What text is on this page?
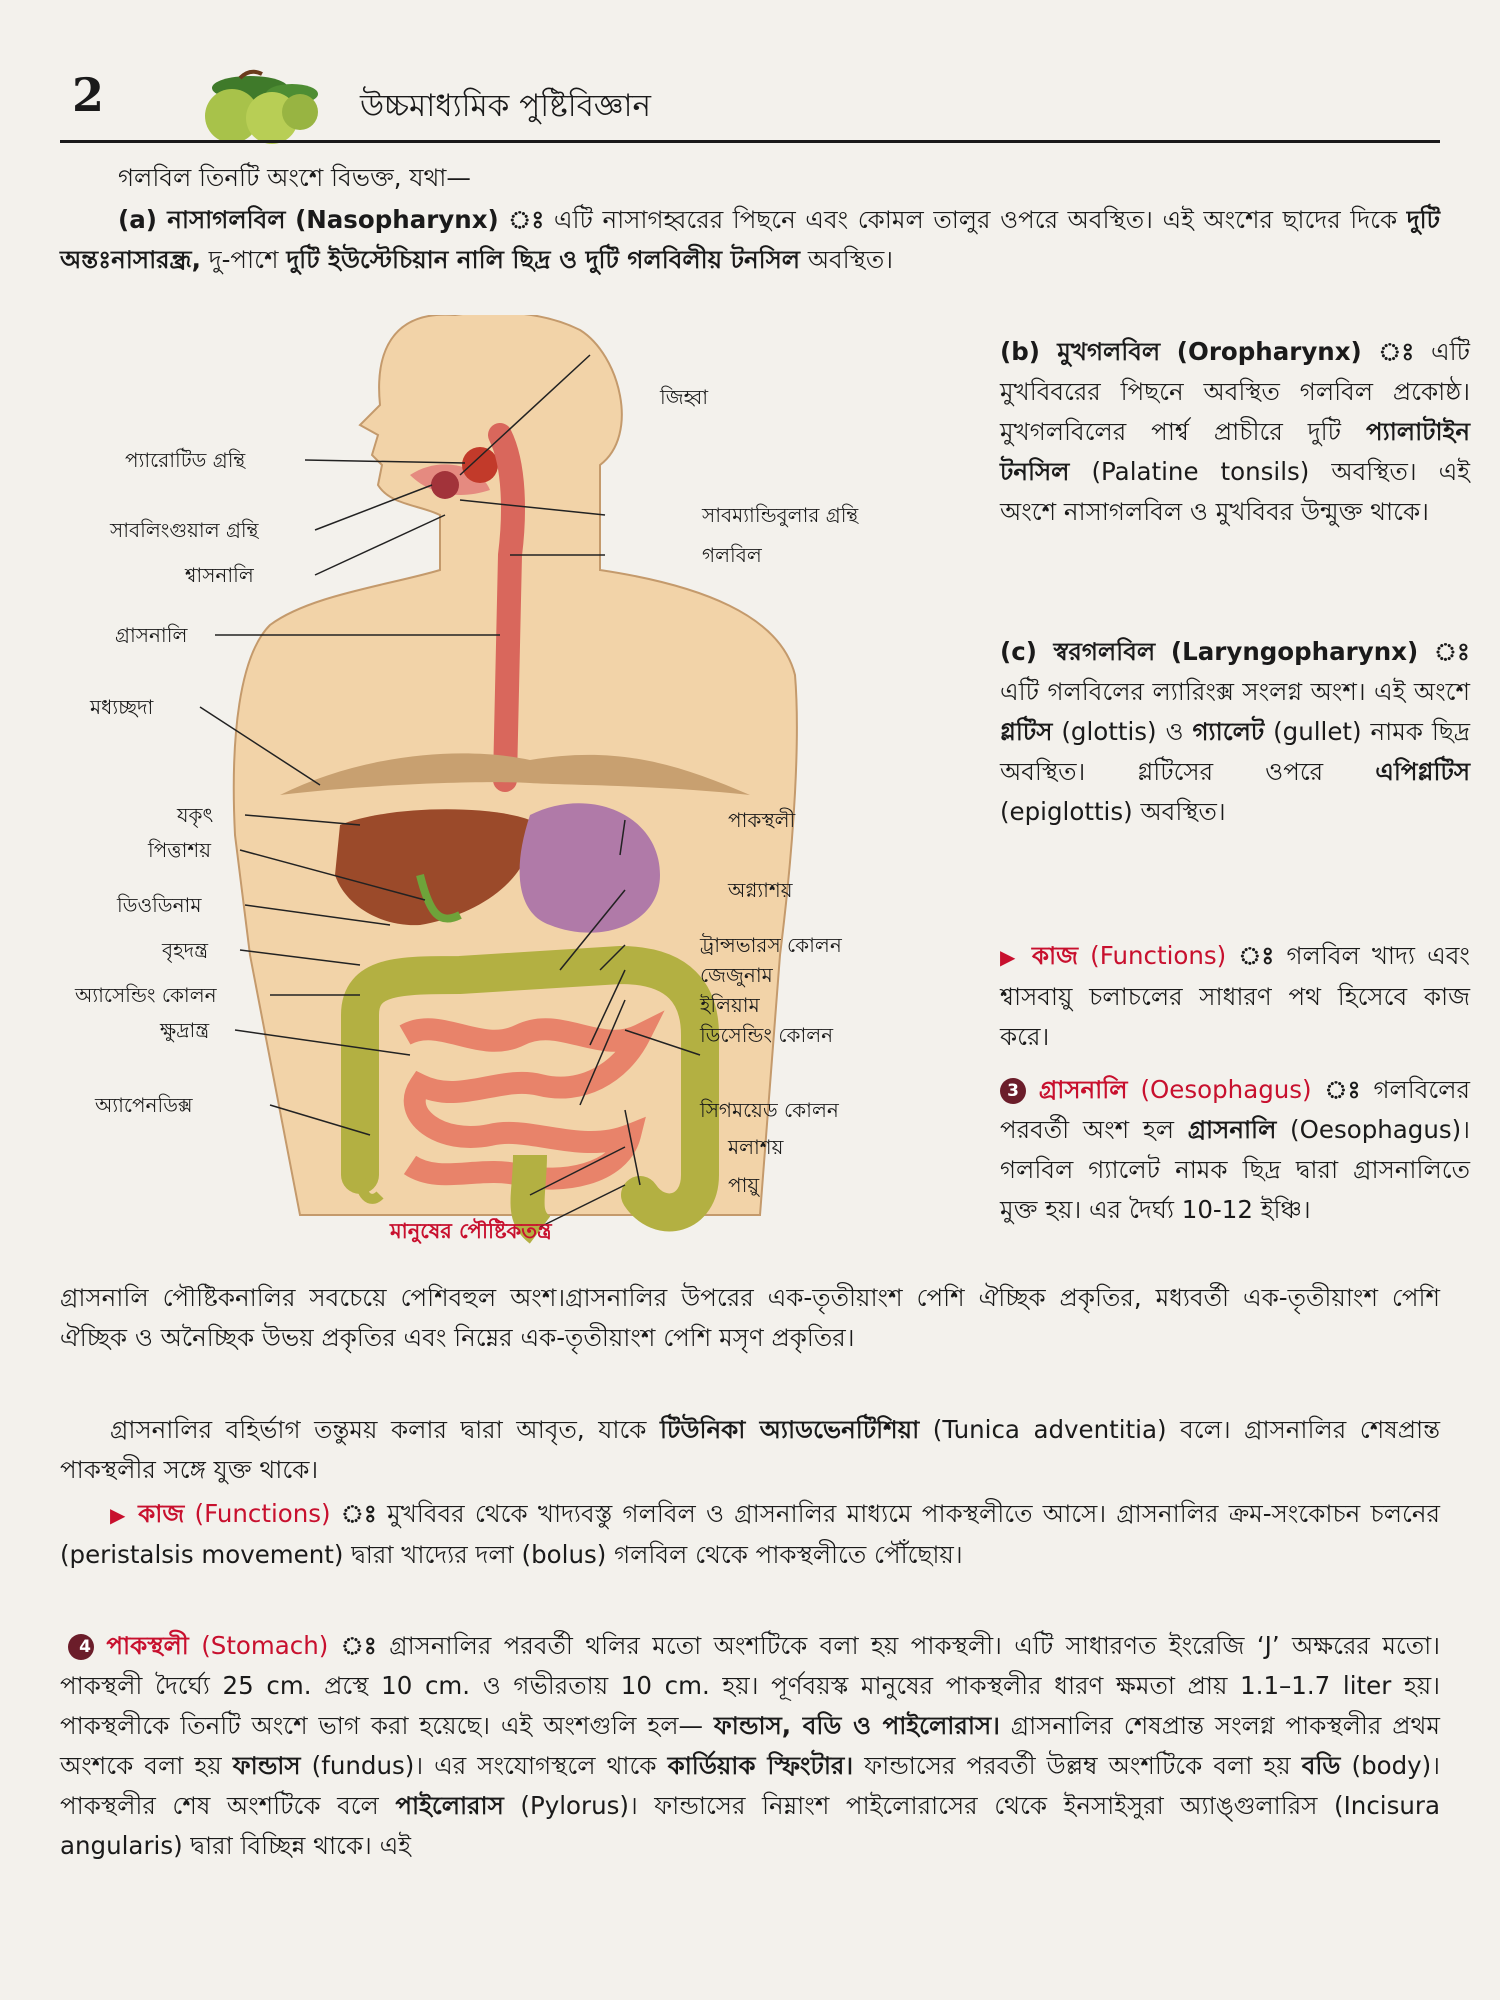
2	উচ্চমাধ্যমিক পুষ্টিবিজ্ঞান

গলবিল তিনটি অংশে বিভক্ত, যথা—

(a) নাসাগলবিল (Nasopharynx) ঃ এটি নাসাগহ্বরের পিছনে এবং কোমল তালুর ওপরে অবস্থিত। এই অংশের ছাদের দিকে দুটি অন্তঃনাসারন্ধ্র, দু-পাশে দুটি ইউস্টেচিয়ান নালি ছিদ্র ও দুটি গলবিলীয় টনসিল অবস্থিত।

প্যারোটিড গ্রন্থি
সাবলিংগুয়াল গ্রন্থি
শ্বাসনালি
গ্রাসনালি
মধ্যচ্ছদা
যকৃৎ
পিত্তাশয়
ডিওডিনাম
বৃহদন্ত্র
অ্যাসেন্ডিং কোলন
ক্ষুদ্রান্ত্র
অ্যাপেনডিক্স
জিহ্বা
সাবম্যান্ডিবুলার গ্রন্থি
গলবিল
পাকস্থলী
অগ্ন্যাশয়
ট্রান্সভারস কোলন
জেজুনাম
ইলিয়াম
ডিসেন্ডিং কোলন
সিগময়েড কোলন
মলাশয়
পায়ু
মানুষের পৌষ্টিকতন্ত্র

(b) মুখগলবিল (Oropharynx) ঃ এটি মুখবিবরের পিছনে অবস্থিত গলবিল প্রকোষ্ঠ। মুখগলবিলের পার্শ্ব প্রাচীরে দুটি প্যালাটাইন টনসিল (Palatine tonsils) অবস্থিত। এই অংশে নাসাগলবিল ও মুখবিবর উন্মুক্ত থাকে।

(c) স্বরগলবিল (Laryngopharynx) ঃ এটি গলবিলের ল্যারিংক্স সংলগ্ন অংশ। এই অংশে গ্লটিস (glottis) ও গ্যালেট (gullet) নামক ছিদ্র অবস্থিত। গ্লটিসের ওপরে এপিগ্লটিস (epiglottis) অবস্থিত।

▶ কাজ (Functions) ঃ গলবিল খাদ্য এবং শ্বাসবায়ু চলাচলের সাধারণ পথ হিসেবে কাজ করে।

3 গ্রাসনালি (Oesophagus) ঃ গলবিলের পরবর্তী অংশ হল গ্রাসনালি (Oesophagus)। গলবিল গ্যালেট নামক ছিদ্র দ্বারা গ্রাসনালিতে মুক্ত হয়। এর দৈর্ঘ্য 10-12 ইঞ্চি।

গ্রাসনালি পৌষ্টিকনালির সবচেয়ে পেশিবহুল অংশ।গ্রাসনালির উপরের এক-তৃতীয়াংশ পেশি ঐচ্ছিক প্রকৃতির, মধ্যবর্তী এক-তৃতীয়াংশ পেশি ঐচ্ছিক ও অনৈচ্ছিক উভয় প্রকৃতির এবং নিম্নের এক-তৃতীয়াংশ পেশি মসৃণ প্রকৃতির।

গ্রাসনালির বহির্ভাগ তন্তুময় কলার দ্বারা আবৃত, যাকে টিউনিকা অ্যাডভেনটিশিয়া (Tunica adventitia) বলে। গ্রাসনালির শেষপ্রান্ত পাকস্থলীর সঙ্গে যুক্ত থাকে।

▶ কাজ (Functions) ঃ মুখবিবর থেকে খাদ্যবস্তু গলবিল ও গ্রাসনালির মাধ্যমে পাকস্থলীতে আসে। গ্রাসনালির ক্রম-সংকোচন চলনের (peristalsis movement) দ্বারা খাদ্যের দলা (bolus) গলবিল থেকে পাকস্থলীতে পৌঁছোয়।

4 পাকস্থলী (Stomach) ঃ গ্রাসনালির পরবর্তী থলির মতো অংশটিকে বলা হয় পাকস্থলী। এটি সাধারণত ইংরেজি ‘J’ অক্ষরের মতো। পাকস্থলী দৈর্ঘ্যে 25 cm. প্রস্থে 10 cm. ও গভীরতায় 10 cm. হয়। পূর্ণবয়স্ক মানুষের পাকস্থলীর ধারণ ক্ষমতা প্রায় 1.1–1.7 liter হয়। পাকস্থলীকে তিনটি অংশে ভাগ করা হয়েছে। এই অংশগুলি হল— ফান্ডাস, বডি ও পাইলোরাস। গ্রাসনালির শেষপ্রান্ত সংলগ্ন পাকস্থলীর প্রথম অংশকে বলা হয় ফান্ডাস (fundus)। এর সংযোগস্থলে থাকে কার্ডিয়াক স্ফিংটার। ফান্ডাসের পরবর্তী উল্লম্ব অংশটিকে বলা হয় বডি (body)। পাকস্থলীর শেষ অংশটিকে বলে পাইলোরাস (Pylorus)। ফান্ডাসের নিম্নাংশ পাইলোরাসের থেকে ইনসাইসুরা অ্যাঙ্গুলারিস (Incisura angularis) দ্বারা বিচ্ছিন্ন থাকে। এই
